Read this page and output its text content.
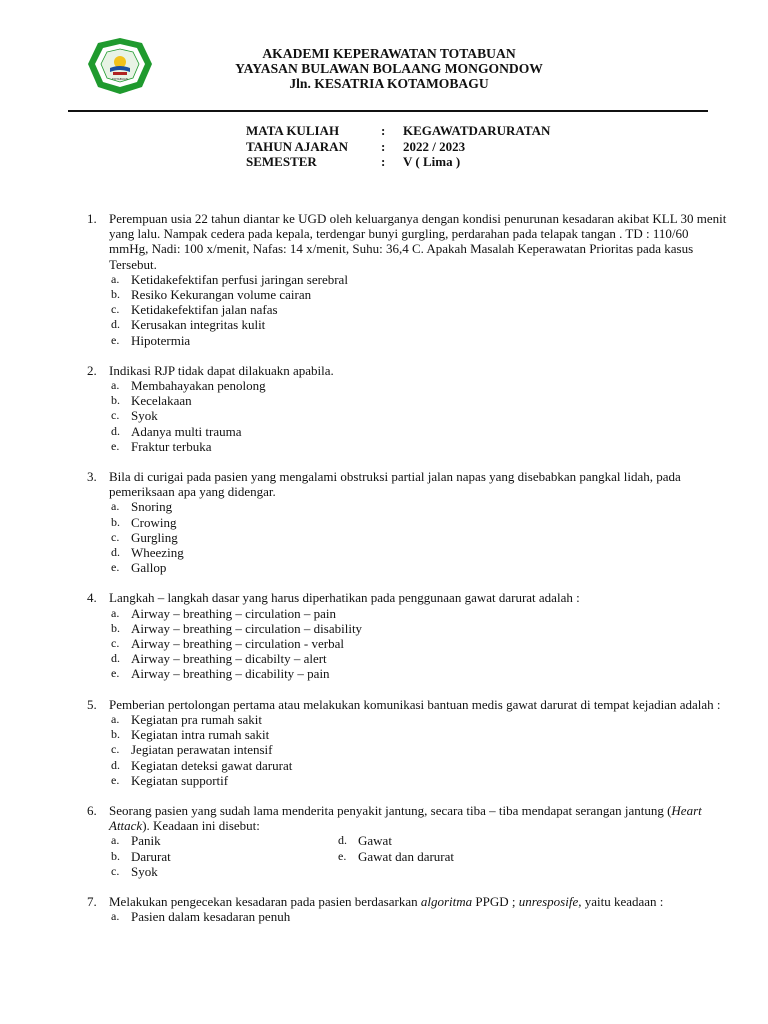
TOTABUAN
AKADEMI KEPERAWATAN TOTABUAN
YAYASAN BULAWAN BOLAANG MONGONDOW
Jln. KESATRIA KOTAMOBAGU
MATA KULIAH	:	KEGAWATDARURATAN
TAHUN AJARAN	:	2022 / 2023
SEMESTER	:	V ( Lima )
1. Perempuan usia 22 tahun diantar ke UGD oleh keluarganya dengan kondisi penurunan kesadaran akibat KLL 30 menit yang lalu. Nampak cedera pada kepala, terdengar bunyi gurgling, perdarahan pada telapak tangan . TD : 110/60 mmHg, Nadi: 100 x/menit, Nafas: 14 x/menit, Suhu: 36,4 C. Apakah Masalah Keperawatan Prioritas pada kasus Tersebut.
a. Ketidakefektifan perfusi jaringan serebral
b. Resiko Kekurangan volume cairan
c. Ketidakefektifan jalan nafas
d. Kerusakan integritas kulit
e. Hipotermia
2. Indikasi RJP tidak dapat dilakuakn apabila.
a. Membahayakan penolong
b. Kecelakaan
c. Syok
d. Adanya multi trauma
e. Fraktur terbuka
3. Bila di curigai pada pasien yang mengalami obstruksi partial jalan napas yang disebabkan pangkal lidah, pada pemeriksaan apa yang didengar.
a. Snoring
b. Crowing
c. Gurgling
d. Wheezing
e. Gallop
4. Langkah – langkah dasar yang harus diperhatikan pada penggunaan gawat darurat adalah :
a. Airway – breathing – circulation – pain
b. Airway – breathing – circulation – disability
c. Airway – breathing – circulation - verbal
d. Airway – breathing – dicabilty – alert
e. Airway – breathing – dicability – pain
5. Pemberian pertolongan pertama atau melakukan komunikasi bantuan medis gawat darurat di tempat kejadian adalah :
a. Kegiatan pra rumah sakit
b. Kegiatan intra rumah sakit
c. Jegiatan perawatan intensif
d. Kegiatan deteksi gawat darurat
e. Kegiatan supportif
6. Seorang pasien yang sudah lama menderita penyakit jantung, secara tiba – tiba mendapat serangan jantung (Heart Attack). Keadaan ini disebut:
a. Panik	d. Gawat
b. Darurat	e. Gawat dan darurat
c. Syok
7. Melakukan pengecekan kesadaran pada pasien berdasarkan algoritma PPGD ; unresposife, yaitu keadaan :
a. Pasien dalam kesadaran penuh
